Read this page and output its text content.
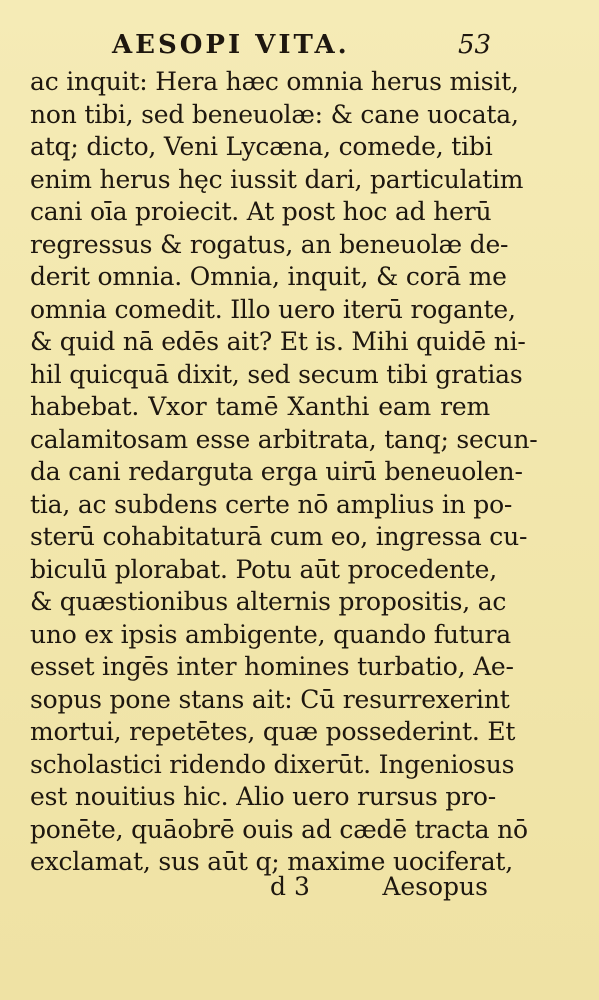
AESOPI VITA.	53
ac inquit: Hera hæc omnia herus misit,
non tibi, sed beneuolæ: & cane uocata,
atq; dicto, Veni Lycæna, comede, tibi
enim herus hęc iussit dari, particulatim
cani oīa proiecit. At post hoc ad herū
regressus & rogatus, an beneuolæ de-
derit omnia. Omnia, inquit, & corā me
omnia comedit. Illo uero iterū rogante,
& quid nā edēs ait? Et is. Mihi quidē ni-
hil quicquā dixit, sed secum tibi gratias
habebat. Vxor tamē Xanthi eam rem
calamitosam esse arbitrata, tanq; secun-
da cani redarguta erga uirū beneuolen-
tia, ac subdens certe nō amplius in po-
sterū cohabitaturā cum eo, ingressa cu-
biculū plorabat. Potu aūt procedente,
& quæstionibus alternis propositis, ac
uno ex ipsis ambigente, quando futura
esset ingēs inter homines turbatio, Ae-
sopus pone stans ait: Cū resurrexerint
mortui, repetētes, quæ possederint. Et
scholastici ridendo dixerūt. Ingeniosus
est nouitius hic. Alio uero rursus pro-
ponēte, quāobrē ouis ad cædē tracta nō
exclamat, sus aūt q; maxime uociferat,
d 3	Aesopus
